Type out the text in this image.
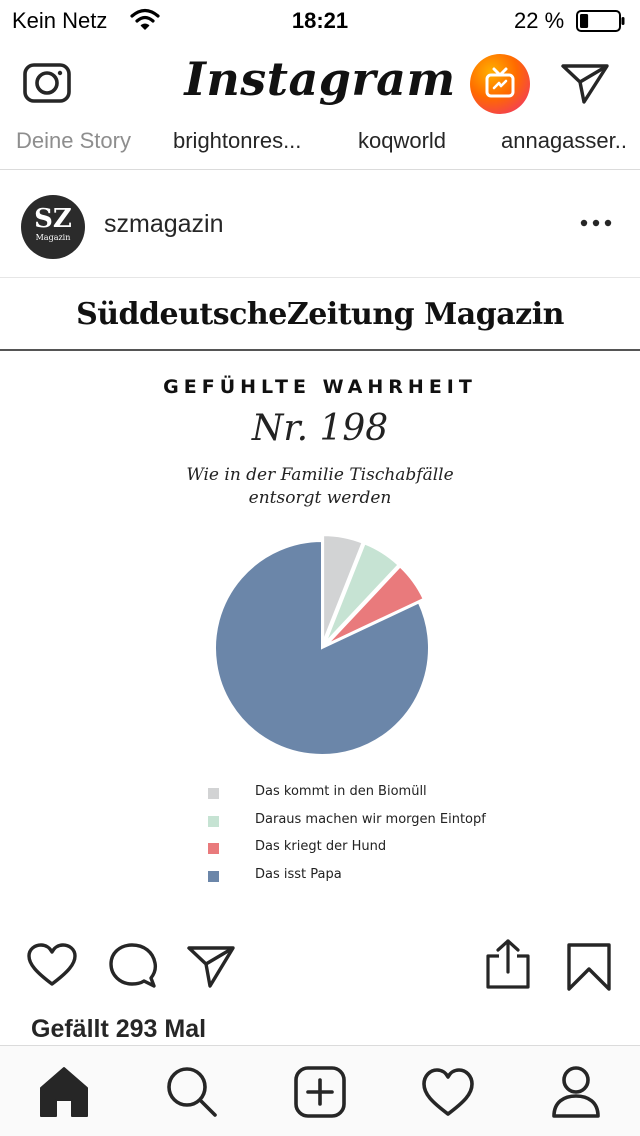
Kein Netz	18:21	22 %
Instagram
Deine Story brightonres...	koqworld annagasser..
SZ
Magazin	szmagazin
SüddeutscheZeitung Magazin
GEFÜHLTE WAHRHEIT
Nr. 198
Wie in der Familie Tischabfälle entsorgt werden
Das kommt in den Biomüll
Daraus machen wir morgen Eintopf
Das kriegt der Hund
Das isst Papa
Gefällt 293 Mal
